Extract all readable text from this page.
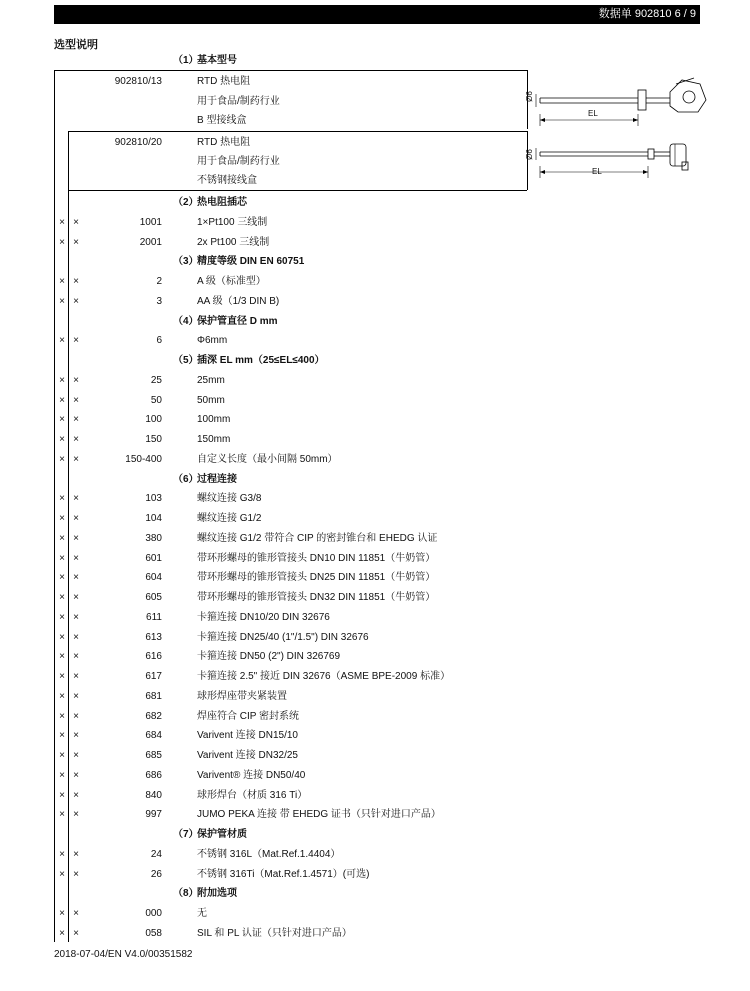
数据单 902810 6 / 9
选型说明
（1）
基本型号
902810/13	RTD 热电阻
用于食品/制药行业
B 型接线盒
902810/20	RTD 热电阻
用于食品/制药行业
不锈钢接线盒
EL
Ø6
EL
Ø6
（2）
热电阻插芯
× ×	1001	1×Pt100 三线制
× ×	2001	2x Pt100 三线制
（3）
精度等级 DIN EN 60751
× ×	2	A 级（标准型）
× ×	3	AA 级（1/3 DIN B)
（4）
保护管直径 D mm
× ×	6	Φ6mm
（5）
插深 EL mm（25≤EL≤400）
× ×	25	25mm
× ×	50	50mm
× ×	100	100mm
× ×	150	150mm
× ×	150-400	自定义长度（最小间隔 50mm）
（6）
过程连接
× ×	103	螺纹连接 G3/8
× ×	104	螺纹连接 G1/2
× ×	380	螺纹连接 G1/2 带符合 CIP 的密封锥台和 EHEDG 认证
× ×	601	带环形螺母的锥形管接头 DN10 DIN 11851（牛奶管）
× ×	604	带环形螺母的锥形管接头 DN25 DIN 11851（牛奶管）
× ×	605	带环形螺母的锥形管接头 DN32 DIN 11851（牛奶管）
× ×	611	卡箍连接 DN10/20 DIN 32676
× ×	613	卡箍连接 DN25/40 (1"/1.5") DIN 32676
× ×	616	卡箍连接 DN50 (2") DIN 326769
× ×	617	卡箍连接 2.5" 接近 DIN 32676（ASME BPE-2009 标准）
× ×	681	球形焊座带夹紧装置
× ×	682	焊座符合 CIP 密封系统
× ×	684	Varivent 连接 DN15/10
× ×	685	Varivent 连接 DN32/25
× ×	686	Varivent® 连接 DN50/40
× ×	840	球形焊台（材质 316 Ti）
× ×	997	JUMO PEKA 连接 带 EHEDG 证书（只针对进口产品）
（7）
保护管材质
× ×	24	不锈钢 316L（Mat.Ref.1.4404）
× ×	26	不锈钢 316Ti（Mat.Ref.1.4571）(可选)
（8）
附加选项
× ×	000	无
× ×	058	SIL 和 PL 认证（只针对进口产品）
2018-07-04/EN V4.0/00351582
